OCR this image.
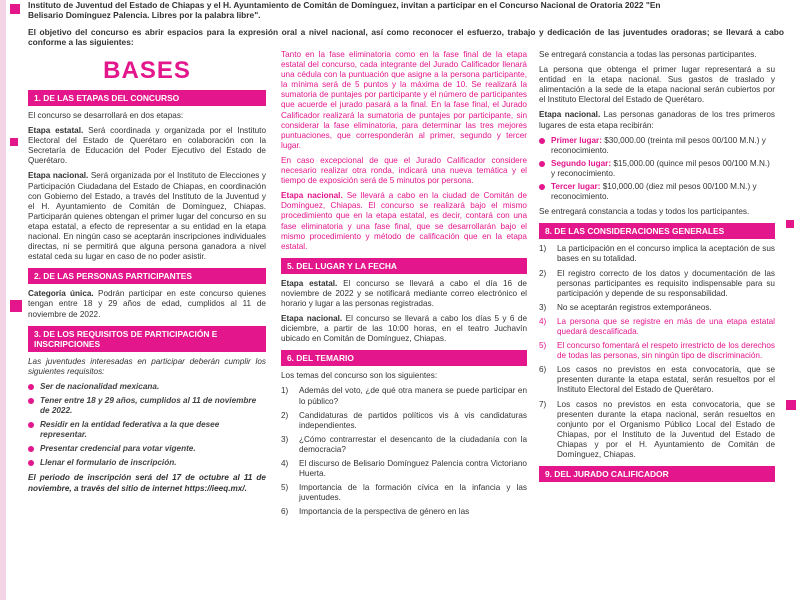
Instituto de Juventud del Estado de Chiapas y el H. Ayuntamiento de Comitán de Domínguez, invitan a participar en el Concurso Nacional de Oratoria 2022 "En

Belisario Domínguez Palencia. Libres por la palabra libre".

El objetivo del concurso es abrir espacios para la expresión oral a nivel nacional, así como reconocer el esfuerzo, trabajo y dedicación de las juventudes oradoras; se llevará a cabo conforme a las siguientes:

BASES
1. DE LAS ETAPAS DEL CONCURSO

El concurso se desarrollará en dos etapas:

Etapa estatal. Será coordinada y organizada por el Instituto Electoral del Estado de Querétaro en colaboración con la Secretaría de Educación del Poder Ejecutivo del Estado de Querétaro.

Etapa nacional. Será organizada por el Instituto de Elecciones y Participación Ciudadana del Estado de Chiapas, en coordinación con Gobierno del Estado, a través del Instituto de la Juventud y el H. Ayuntamiento de Comitán de Domínguez, Chiapas. Participarán quienes obtengan el primer lugar del concurso en su etapa estatal, a efecto de representar a su entidad en la etapa nacional. En ningún caso se aceptarán inscripciones individuales directas, ni se permitirá que alguna persona ganadora a nivel estatal ceda su lugar en caso de no poder asistir.

2. DE LAS PERSONAS PARTICIPANTES

Categoría única. Podrán participar en este concurso quienes tengan entre 18 y 29 años de edad, cumplidos al 11 de noviembre de 2022.

3. DE LOS REQUISITOS DE PARTICIPACIÓN E INSCRIPCIONES

Las juventudes interesadas en participar deberán cumplir los siguientes requisitos:

Ser de nacionalidad mexicana.
Tener entre 18 y 29 años, cumplidos al 11 de noviembre de 2022.
Residir en la entidad federativa a la que desee representar.
Presentar credencial para votar vigente.
Llenar el formulario de inscripción.

El periodo de inscripción será del 17 de octubre al 11 de noviembre, a través del sitio de internet https://ieeq.mx/.

Tanto en la fase eliminatoria como en la fase final de la etapa estatal del concurso, cada integrante del Jurado Calificador llenará una cédula con la puntuación que asigne a la persona participante, la mínima será de 5 puntos y la máxima de 10. Se realizará la sumatoria de puntajes por participante y el número de participantes que acuerde el jurado pasará a la final. En la fase final, el Jurado Calificador realizará la sumatoria de puntajes por participante, sin considerar la fase eliminatoria, para determinar las tres mejores puntuaciones, que corresponderán al primer, segundo y tercer lugar.

En caso excepcional de que el Jurado Calificador considere necesario realizar otra ronda, indicará una nueva temática y el tiempo de exposición será de 5 minutos por persona.

Etapa nacional. Se llevará a cabo en la ciudad de Comitán de Domínguez, Chiapas. El concurso se realizará bajo el mismo procedimiento que en la etapa estatal, es decir, contará con una fase eliminatoria y una fase final, que se desarrollarán bajo el mismo procedimiento y método de calificación que en la etapa estatal.

5. DEL LUGAR Y LA FECHA

Etapa estatal. El concurso se llevará a cabo el día 16 de noviembre de 2022 y se notificará mediante correo electrónico el horario y lugar a las personas registradas.

Etapa nacional. El concurso se llevará a cabo los días 5 y 6 de diciembre, a partir de las 10:00 horas, en el teatro Juchavín ubicado en Comitán de Domínguez, Chiapas.

6. DEL TEMARIO

Los temas del concurso son los siguientes:

1)	Además del voto, ¿de qué otra manera se puede participar en lo público?
2)	Candidaturas de partidos políticos vis à vis candidaturas independientes.
3)	¿Cómo contrarrestar el desencanto de la ciudadanía con la democracia?
4)	El discurso de Belisario Domínguez Palencia contra Victoriano Huerta.
5)	Importancia de la formación cívica en la infancia y las juventudes.
6)	Importancia de la perspectiva de género en las

Se entregará constancia a todas las personas participantes.

La persona que obtenga el primer lugar representará a su entidad en la etapa nacional. Sus gastos de traslado y alimentación a la sede de la etapa nacional serán cubiertos por el Instituto Electoral del Estado de Querétaro.

Etapa nacional. Las personas ganadoras de los tres primeros lugares de esta etapa recibirán:

Primer lugar: $30,000.00 (treinta mil pesos 00/100 M.N.) y reconocimiento.
Segundo lugar: $15,000.00 (quince mil pesos 00/100 M.N.) y reconocimiento.
Tercer lugar: $10,000.00 (diez mil pesos 00/100 M.N.) y reconocimiento.

Se entregará constancia a todas y todos los participantes.

8. DE LAS CONSIDERACIONES GENERALES
1)	La participación en el concurso implica la aceptación de sus bases en su totalidad.
2)	El registro correcto de los datos y documentación de las personas participantes es requisito indispensable para su participación y depende de su responsabilidad.
3)	No se aceptarán registros extemporáneos.
4)	La persona que se registre en más de una etapa estatal quedará descalificada.
5)	El concurso fomentará el respeto irrestricto de los derechos de todas las personas, sin ningún tipo de discriminación.
6)	Los casos no previstos en esta convocatoria, que se presenten durante la etapa estatal, serán resueltos por el Instituto Electoral del Estado de Querétaro.
7)	Los casos no previstos en esta convocatoria, que se presenten durante la etapa nacional, serán resueltos en conjunto por el Organismo Público Local del Estado de Chiapas, por el Instituto de la Juventud del Estado de Chiapas y por el H. Ayuntamiento de Comitán de Domínguez, Chiapas.
9. DEL JURADO CALIFICADOR
